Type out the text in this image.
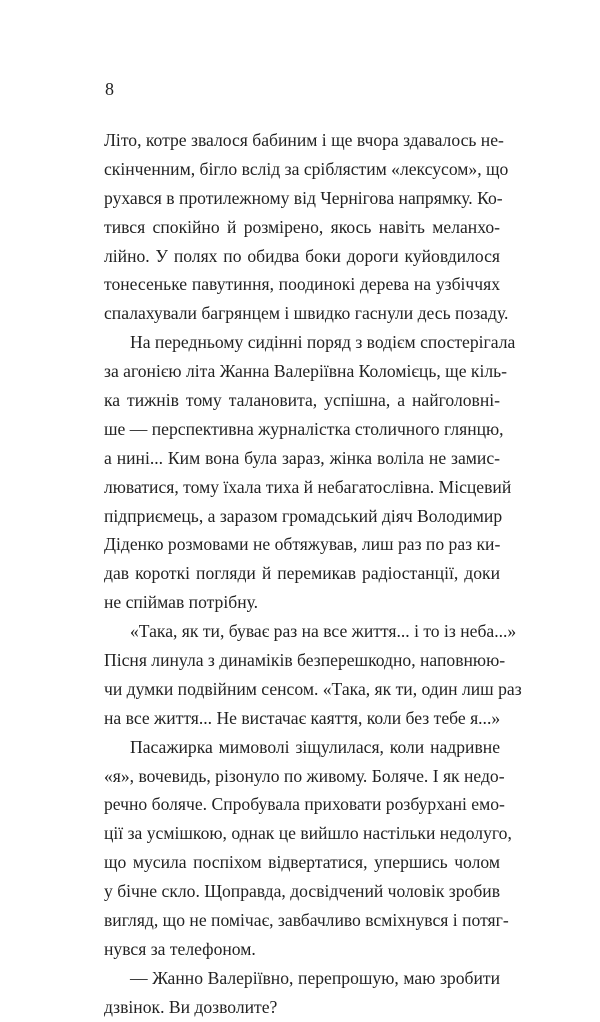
8
Літо, котре звалося бабиним і ще вчора здавалось не-
скінченним, бігло вслід за сріблястим «лексусом», що
рухався в протилежному від Чернігова напрямку. Ко-
тився спокійно й розмірено, якось навіть меланхо-
лійно. У полях по обидва боки дороги куйовдилося
тонесеньке павутиння, поодинокі дерева на узбіччях
спалахували багрянцем і швидко гаснули десь позаду.
На передньому сидінні поряд з водієм спостерігала
за агонією літа Жанна Валеріївна Коломієць, ще кіль-
ка тижнів тому талановита, успішна, а найголовні-
ше — перспективна журналістка столичного глянцю,
а нині... Ким вона була зараз, жінка воліла не замис-
люватися, тому їхала тиха й небагатослівна. Місцевий
підприємець, а заразом громадський діяч Володимир
Діденко розмовами не обтяжував, лиш раз по раз ки-
дав короткі погляди й перемикав радіостанції, доки
не спіймав потрібну.
«Така, як ти, буває раз на все життя... і то із неба...»
Пісня линула з динаміків безперешкодно, наповнюю-
чи думки подвійним сенсом. «Така, як ти, один лиш раз
на все життя... Не вистачає каяття, коли без тебе я...»
Пасажирка мимоволі зіщулилася, коли надривне
«я», вочевидь, різонуло по живому. Боляче. І як недо-
речно боляче. Спробувала приховати розбурхані емо-
ції за усмішкою, однак це вийшло настільки недолуго,
що мусила поспіхом відвертатися, упершись чолом
у бічне скло. Щоправда, досвідчений чоловік зробив
вигляд, що не помічає, завбачливо всміхнувся і потяг-
нувся за телефоном.
— Жанно Валеріївно, перепрошую, маю зробити
дзвінок. Ви дозволите?
